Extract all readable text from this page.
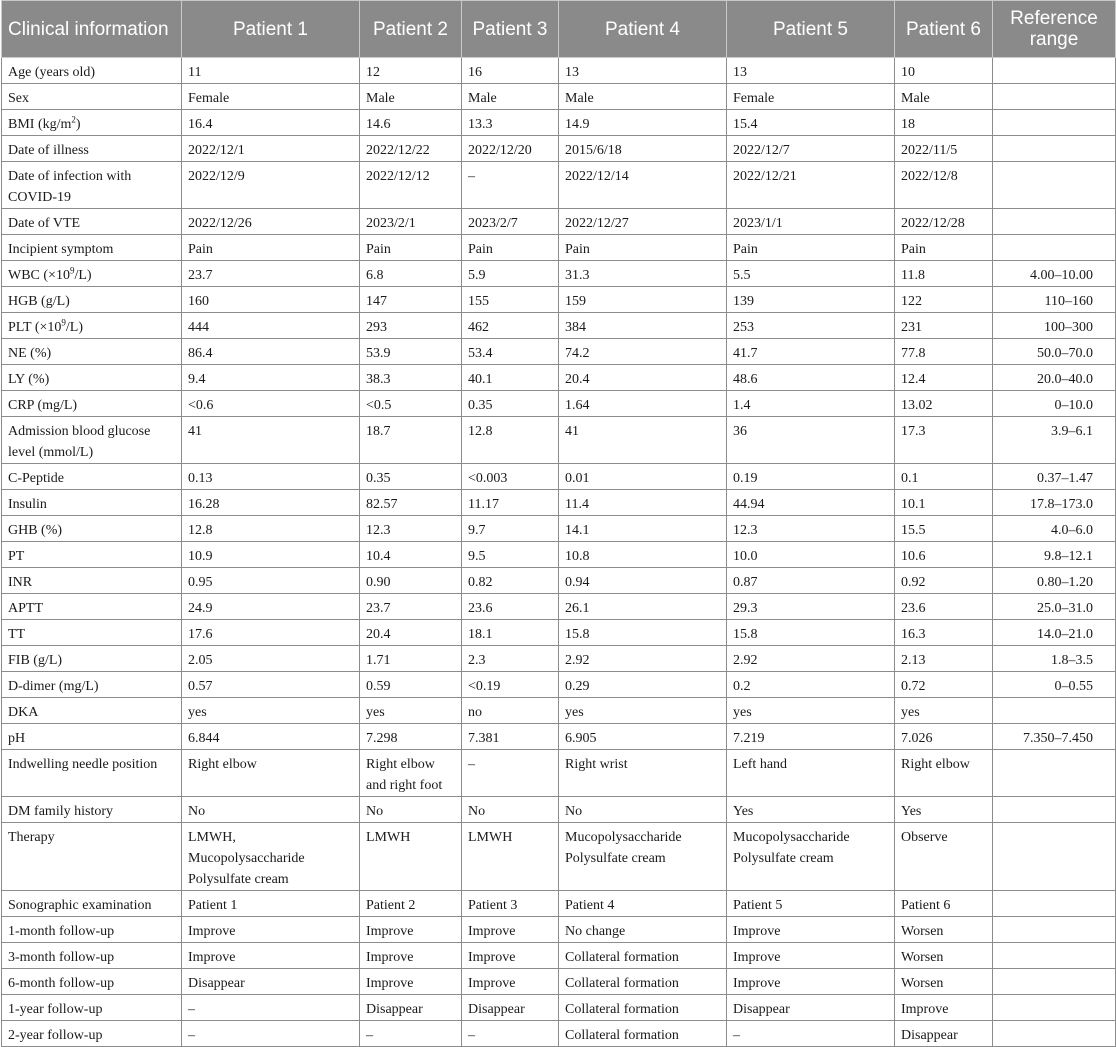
Clinical information	Patient 1	Patient 2	Patient 3	Patient 4	Patient 5	Patient 6	Reference range
Age (years old)	11	12	16	13	13	10	
Sex	Female	Male	Male	Male	Female	Male	
BMI $(kg/m^2)$	16.4	14.6	13.3	14.9	15.4	18	
Date of illness	2022/12/1	2022/12/22	2022/12/20	2015/6/18	2022/12/7	2022/11/5	
Date of infection with COVID-19	2022/12/9	2022/12/12	–	2022/12/14	2022/12/21	2022/12/8	
Date of VTE	2022/12/26	2023/2/1	2023/2/7	2022/12/27	2023/1/1	2022/12/28	
Incipient symptom	Pain	Pain	Pain	Pain	Pain	Pain	
WBC $(\times 10^9/L)$	23.7	6.8	5.9	31.3	5.5	11.8	4.00–10.00
HGB (g/L)	160	147	155	159	139	122	110–160
PLT $(\times 10^9/L)$	444	293	462	384	253	231	100–300
NE (%)	86.4	53.9	53.4	74.2	41.7	77.8	50.0–70.0
LY (%)	9.4	38.3	40.1	20.4	48.6	12.4	20.0–40.0
CRP (mg/L)	<0.6	<0.5	0.35	1.64	1.4	13.02	0–10.0
Admission blood glucose level (mmol/L)	41	18.7	12.8	41	36	17.3	3.9–6.1
C-Peptide	0.13	0.35	<0.003	0.01	0.19	0.1	0.37–1.47
Insulin	16.28	82.57	11.17	11.4	44.94	10.1	17.8–173.0
GHB (%)	12.8	12.3	9.7	14.1	12.3	15.5	4.0–6.0
PT	10.9	10.4	9.5	10.8	10.0	10.6	9.8–12.1
INR	0.95	0.90	0.82	0.94	0.87	0.92	0.80–1.20
APTT	24.9	23.7	23.6	26.1	29.3	23.6	25.0–31.0
TT	17.6	20.4	18.1	15.8	15.8	16.3	14.0–21.0
FIB (g/L)	2.05	1.71	2.3	2.92	2.92	2.13	1.8–3.5
D-dimer (mg/L)	0.57	0.59	<0.19	0.29	0.2	0.72	0–0.55
DKA	yes	yes	no	yes	yes	yes	
pH	6.844	7.298	7.381	6.905	7.219	7.026	7.350–7.450
Indwelling needle position	Right elbow	Right elbow and right foot	–	Right wrist	Left hand	Right elbow	
DM family history	No	No	No	No	Yes	Yes	
Therapy	LMWH, Mucopolysaccharide Polysulfate cream	LMWH	LMWH	Mucopolysaccharide Polysulfate cream	Mucopolysaccharide Polysulfate cream	Observe	
Sonographic examination	Patient 1	Patient 2	Patient 3	Patient 4	Patient 5	Patient 6	
1-month follow-up	Improve	Improve	Improve	No change	Improve	Worsen	
3-month follow-up	Improve	Improve	Improve	Collateral formation	Improve	Worsen	
6-month follow-up	Disappear	Improve	Improve	Collateral formation	Improve	Worsen	
1-year follow-up	–	Disappear	Disappear	Collateral formation	Disappear	Improve	
2-year follow-up	–	–	–	Collateral formation	–	Disappear	
